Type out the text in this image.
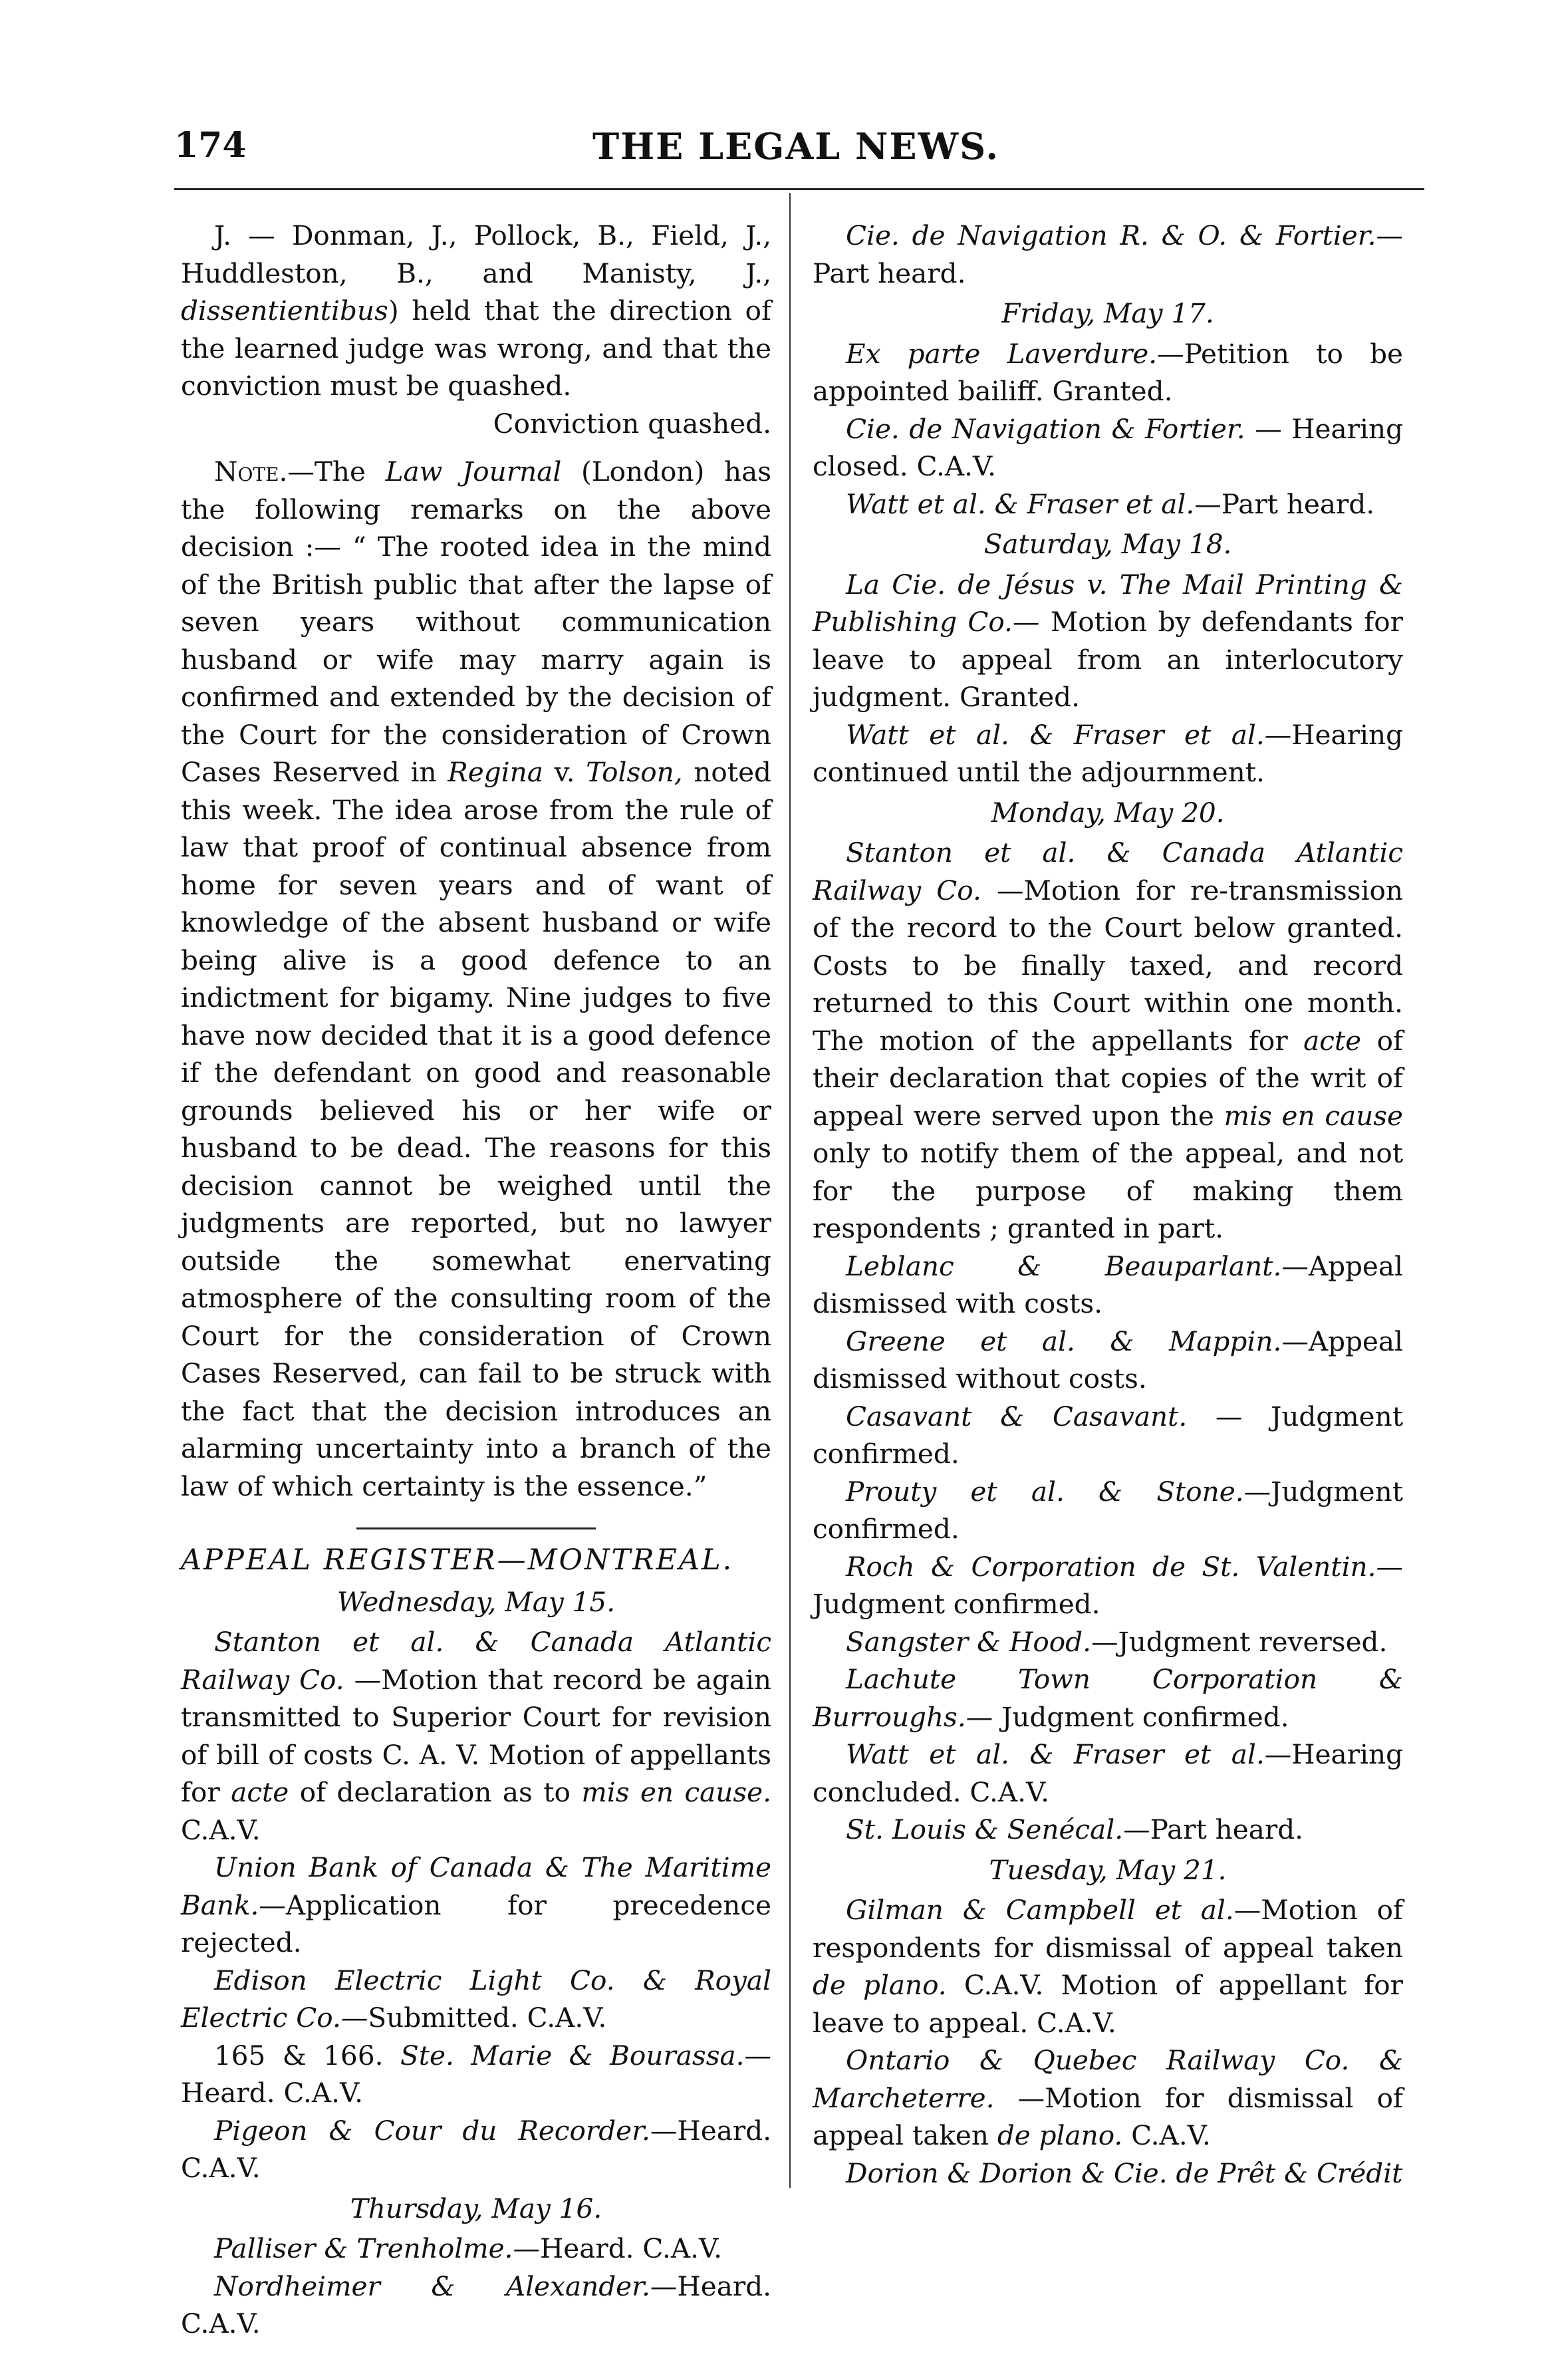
174	THE LEGAL NEWS.

J. — Donman, J., Pollock, B., Field, J., Huddleston, B., and Manisty, J., dissentientibus) held that the direction of the learned judge was wrong, and that the conviction must be quashed.

Conviction quashed.

Note.—The Law Journal (London) has the following remarks on the above decision :— “ The rooted idea in the mind of the British public that after the lapse of seven years without communication husband or wife may marry again is confirmed and extended by the decision of the Court for the consideration of Crown Cases Reserved in Regina v. Tolson, noted this week. The idea arose from the rule of law that proof of continual absence from home for seven years and of want of knowledge of the absent husband or wife being alive is a good defence to an indictment for bigamy. Nine judges to five have now decided that it is a good defence if the defendant on good and reasonable grounds believed his or her wife or husband to be dead. The reasons for this decision cannot be weighed until the judgments are reported, but no lawyer outside the somewhat enervating atmosphere of the consulting room of the Court for the consideration of Crown Cases Reserved, can fail to be struck with the fact that the decision introduces an alarming uncertainty into a branch of the law of which certainty is the essence.”

APPEAL REGISTER—MONTREAL.

Wednesday, May 15.

Stanton et al. & Canada Atlantic Railway Co. —Motion that record be again transmitted to Superior Court for revision of bill of costs C. A. V. Motion of appellants for acte of declaration as to mis en cause. C.A.V.

Union Bank of Canada & The Maritime Bank.—Application for precedence rejected.

Edison Electric Light Co. & Royal Electric Co.—Submitted. C.A.V.

165 & 166. Ste. Marie & Bourassa.—Heard. C.A.V.

Pigeon & Cour du Recorder.—Heard. C.A.V.

Thursday, May 16.

Palliser & Trenholme.—Heard. C.A.V.

Nordheimer & Alexander.—Heard. C.A.V.

Cie. de Navigation R. & O. & Fortier.—Part heard.

Friday, May 17.

Ex parte Laverdure.—Petition to be appointed bailiff. Granted.

Cie. de Navigation & Fortier. — Hearing closed. C.A.V.

Watt et al. & Fraser et al.—Part heard.

Saturday, May 18.

La Cie. de Jésus v. The Mail Printing & Publishing Co.— Motion by defendants for leave to appeal from an interlocutory judgment. Granted.

Watt et al. & Fraser et al.—Hearing continued until the adjournment.

Monday, May 20.

Stanton et al. & Canada Atlantic Railway Co. —Motion for re-transmission of the record to the Court below granted. Costs to be finally taxed, and record returned to this Court within one month. The motion of the appellants for acte of their declaration that copies of the writ of appeal were served upon the mis en cause only to notify them of the appeal, and not for the purpose of making them respondents ; granted in part.

Leblanc & Beauparlant.—Appeal dismissed with costs.

Greene et al. & Mappin.—Appeal dismissed without costs.

Casavant & Casavant. — Judgment confirmed.

Prouty et al. & Stone.—Judgment confirmed.

Roch & Corporation de St. Valentin.—Judgment confirmed.

Sangster & Hood.—Judgment reversed.

Lachute Town Corporation & Burroughs.— Judgment confirmed.

Watt et al. & Fraser et al.—Hearing concluded. C.A.V.

St. Louis & Senécal.—Part heard.

Tuesday, May 21.

Gilman & Campbell et al.—Motion of respondents for dismissal of appeal taken de plano. C.A.V. Motion of appellant for leave to appeal. C.A.V.

Ontario & Quebec Railway Co. & Marcheterre. —Motion for dismissal of appeal taken de plano. C.A.V.

Dorion & Dorion & Cie. de Prêt & Crédit
